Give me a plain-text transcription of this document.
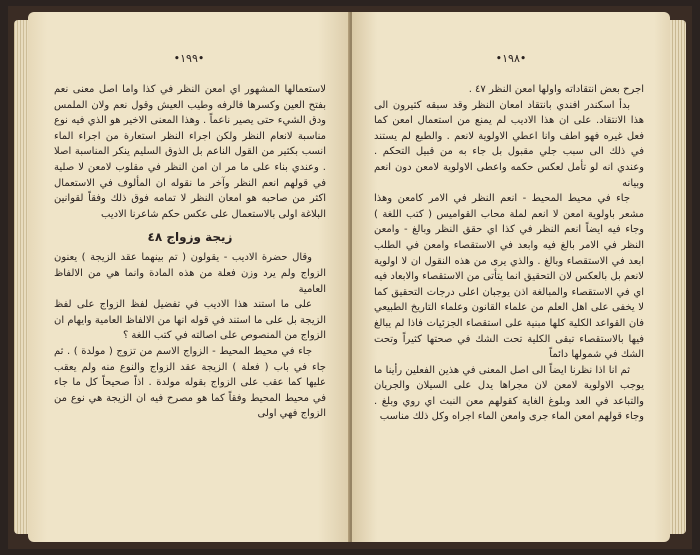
•١٩٩•

لاستعمالها المشهور اي امعن النظر في كذا واما اصل معنى نعم بفتح العين وكسرها فالرفه وطيب العيش وقول نعم ولان الملمس ودق الشيء حتى يصير ناعماً . وهذا المعنى الاخير هو الذي فيه نوع مناسبة لانعام النظر ولكن اجراء النظر استعارة من اجراء الماء انسب بكثير من القول الناعم بل الذوق السليم ينكر المناسبة اصلا . وعندي بناء على ما مر ان امن النظر في مقلوب لامعن لا صلية في قولهم انعم النظر وآخر ما نقوله ان المألوف في الاستعمال اكثر من صاحبه هو امعان النظر لا تمامه فوق ذلك وفقاً لقوانين البلاغة اولى بالاستعمال على عكس حكم شاعرنا الاديب

زيجة وزواج ٤٨

وقال حضرة الاديب - يقولون ( تم بينهما عقد الزيجة ) يعنون الزواج ولم يرد وزن فعلة من هذه المادة وانما هي من الالفاظ العامية

على ما استند هذا الاديب في تفضيل لفظ الزواج على لفظ الزيجة بل على ما استند في قوله انها من الالفاظ العامية وايهام ان الزواج من المنصوص على اصالته في كتب اللغة ؟

جاء في محيط المحيط - الزواج الاسم من تزوج ( مولدة ) . ثم جاء في باب ( فعلة ) الزيجة عقد الزواج والنوع منه ولم يعقب عليها كما عقب على الزواج بقوله مولدة . اذاً صحيحاً كل ما جاء في محيط المحيط وفقاً كما هو مصرح فيه ان الزيجة هي نوع من الزواج فهي اولى

•١٩٨•

اجرح بعض انتقاداته واولها امعن النظر ٤٧ .

بدأ اسكندر افندي بانتقاد امعان النظر وقد سبقه كثيرون الى هذا الانتقاد. على ان هذا الاديب لم يمنع من استعمال امعن كما فعل غيره فهو اطف وانا اعطي الاولوية لانعم . والطبع لم يستند في ذلك الى سبب جلي مقبول بل جاء به من قبيل التحكم . وعندي انه لو تأمل لعكس حكمه واعطى الاولوية لامعن دون انعم وبيانه

جاء في محيط المحيط - انعم النظر في الامر كامعن وهذا مشعر باولوية امعن لا انعم لملة محاب القواميس ( كتب اللغة ) وجاء فيه ايضاً انعم النظر في كذا اي حقق النظر وبالغ - وامعن النظر في الامر بالغ فيه وابعد في الاستقصاء وامعن في الطلب ابعد في الاستقصاء وبالغ . والذي يرى من هذه النقول ان لا اولوية لانعم بل بالعكس لان التحقيق انما يتأتى من الاستقصاء والابعاد فيه اي في الاستقصاء والمبالغة اذن يوجبان اعلى درجات التحقيق كما لا يخفى على اهل العلم من علماء القانون وعلماء التاريخ الطبيعي فان القواعد الكلية كلها مبنية على استقصاء الجزئيات فاذا لم يبالغ فيها بالاستقصاء تبقى الكلية تحت الشك في صحتها كثيراً وتحت الشك في شمولها دائماً

ثم انا اذا نظرنا ايضاً الى اصل المعنى في هذين الفعلين رأينا ما يوجب الاولوية لامعن لان مجراها يدل على السيلان والجريان والتباعد في العد وبلوغ الغاية كقولهم معن النبت اي روي وبلغ . وجاء قولهم امعن الماء جرى وامعن الماء اجراه وكل ذلك مناسب
